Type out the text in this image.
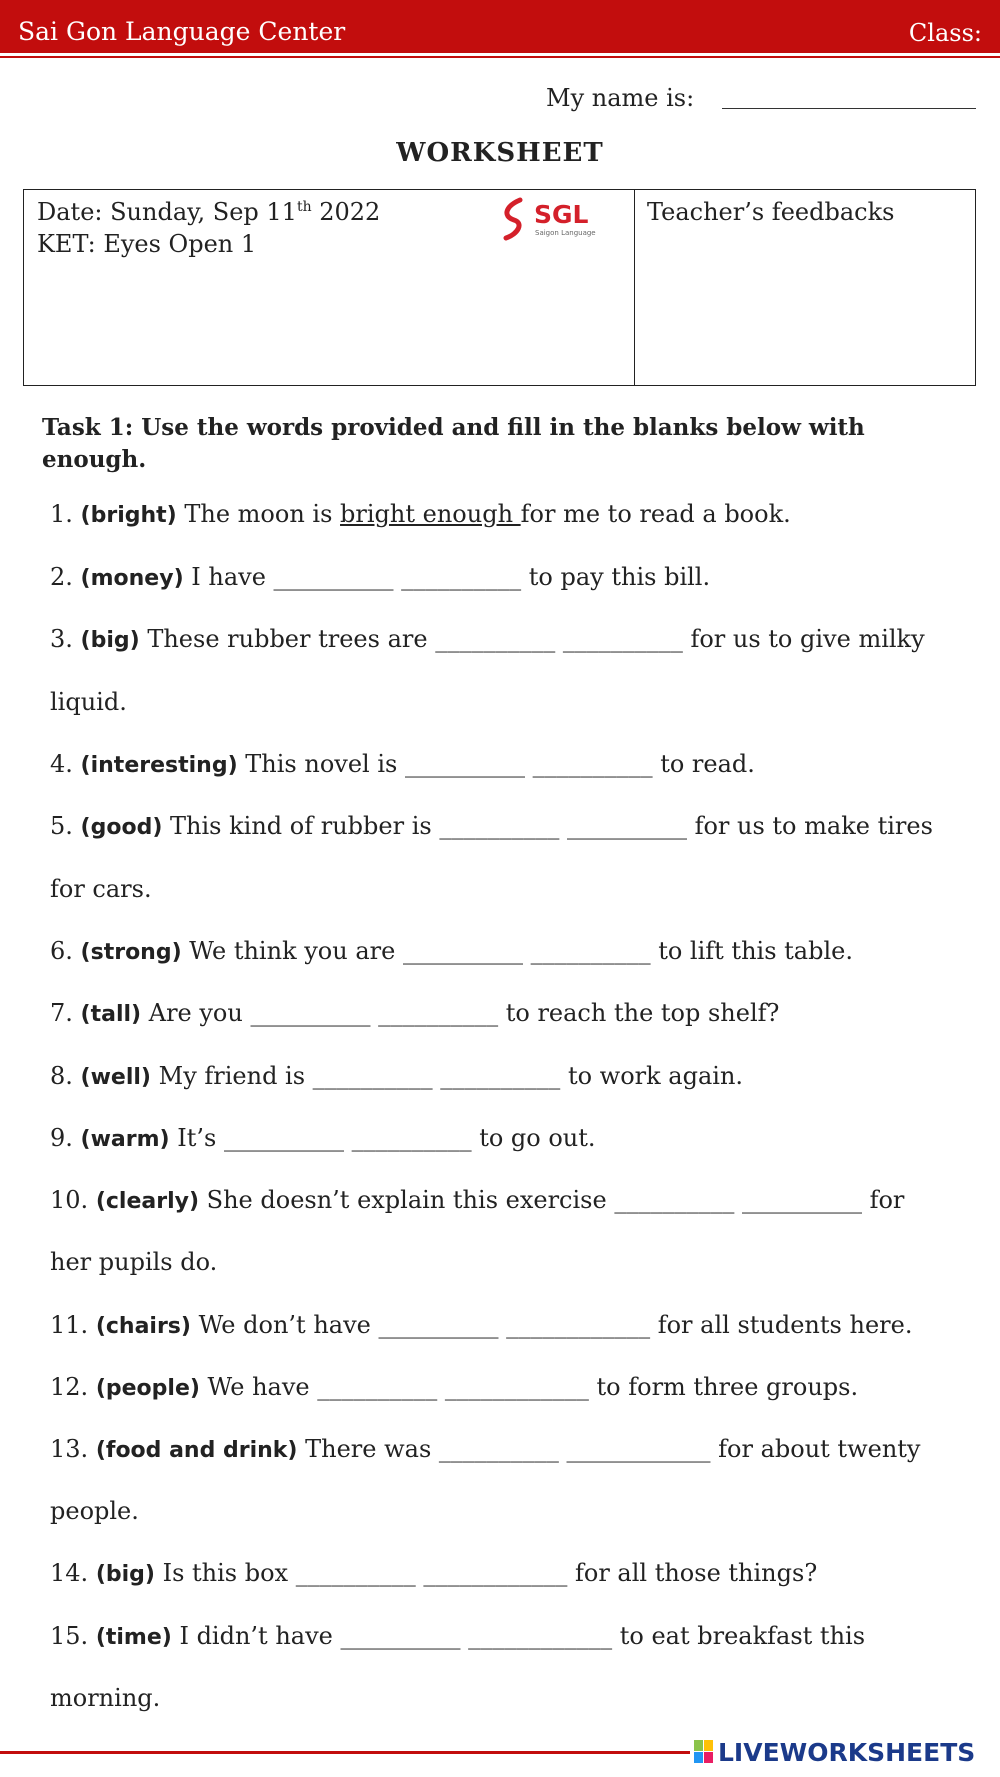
Sai Gon Language Center	Class:
My name is:
WORKSHEET
Date: Sunday, Sep 11th 2022
KET: Eyes Open 1
SGL
Saigon Language
Teacher’s feedbacks
Task 1: Use the words provided and fill in the blanks below with enough.
1. (bright) The moon is bright enough for me to read a book.
2. (money) I have __________ __________ to pay this bill.
3. (big) These rubber trees are __________ __________ for us to give milky
liquid.
4. (interesting) This novel is __________ __________ to read.
5. (good) This kind of rubber is __________ __________ for us to make tires
for cars.
6. (strong) We think you are __________ __________ to lift this table.
7. (tall) Are you __________ __________ to reach the top shelf?
8. (well) My friend is __________ __________ to work again.
9. (warm) It’s __________ __________ to go out.
10. (clearly) She doesn’t explain this exercise __________ __________ for
her pupils do.
11. (chairs) We don’t have __________ ____________ for all students here.
12. (people) We have __________ ____________ to form three groups.
13. (food and drink) There was __________ ____________ for about twenty
people.
14. (big) Is this box __________ ____________ for all those things?
15. (time) I didn’t have __________ ____________ to eat breakfast this
morning.
LIVEWORKSHEETS
